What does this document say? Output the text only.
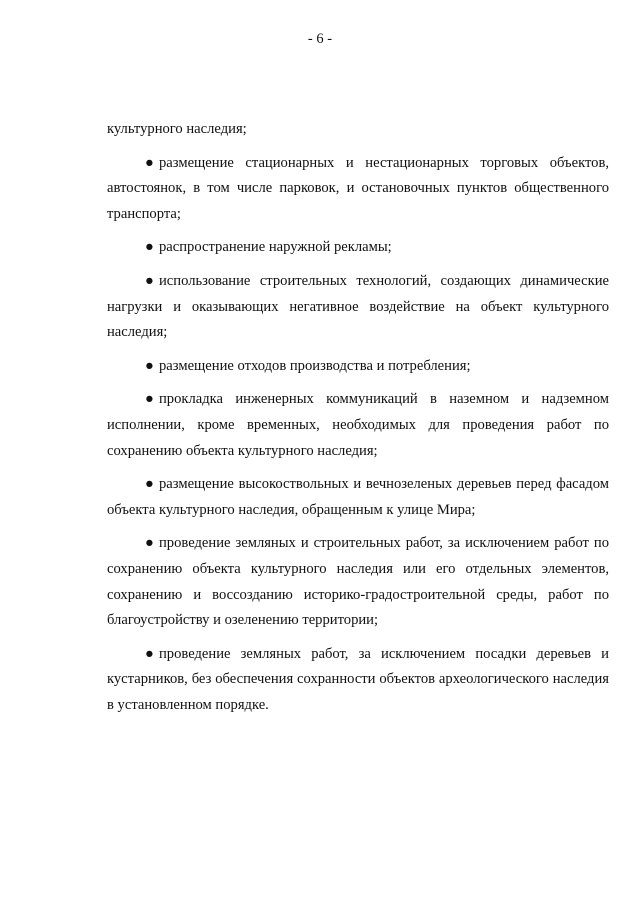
- 6 -

культурного наследия;

● размещение стационарных и нестационарных торговых объектов, автостоянок, в том числе парковок, и остановочных пунктов общественного транспорта;

● распространение наружной рекламы;

● использование строительных технологий, создающих динамические нагрузки и оказывающих негативное воздействие на объект культурного наследия;

● размещение отходов производства и потребления;

● прокладка инженерных коммуникаций в наземном и надземном исполнении, кроме временных, необходимых для проведения работ по сохранению объекта культурного наследия;

● размещение высокоствольных и вечнозеленых деревьев перед фасадом объекта культурного наследия, обращенным к улице Мира;

● проведение земляных и строительных работ, за исключением работ по сохранению объекта культурного наследия или его отдельных элементов, сохранению и воссозданию историко-градостроительной среды, работ по благоустройству и озеленению территории;

● проведение земляных работ, за исключением посадки деревьев и кустарников, без обеспечения сохранности объектов археологического наследия в установленном порядке.
